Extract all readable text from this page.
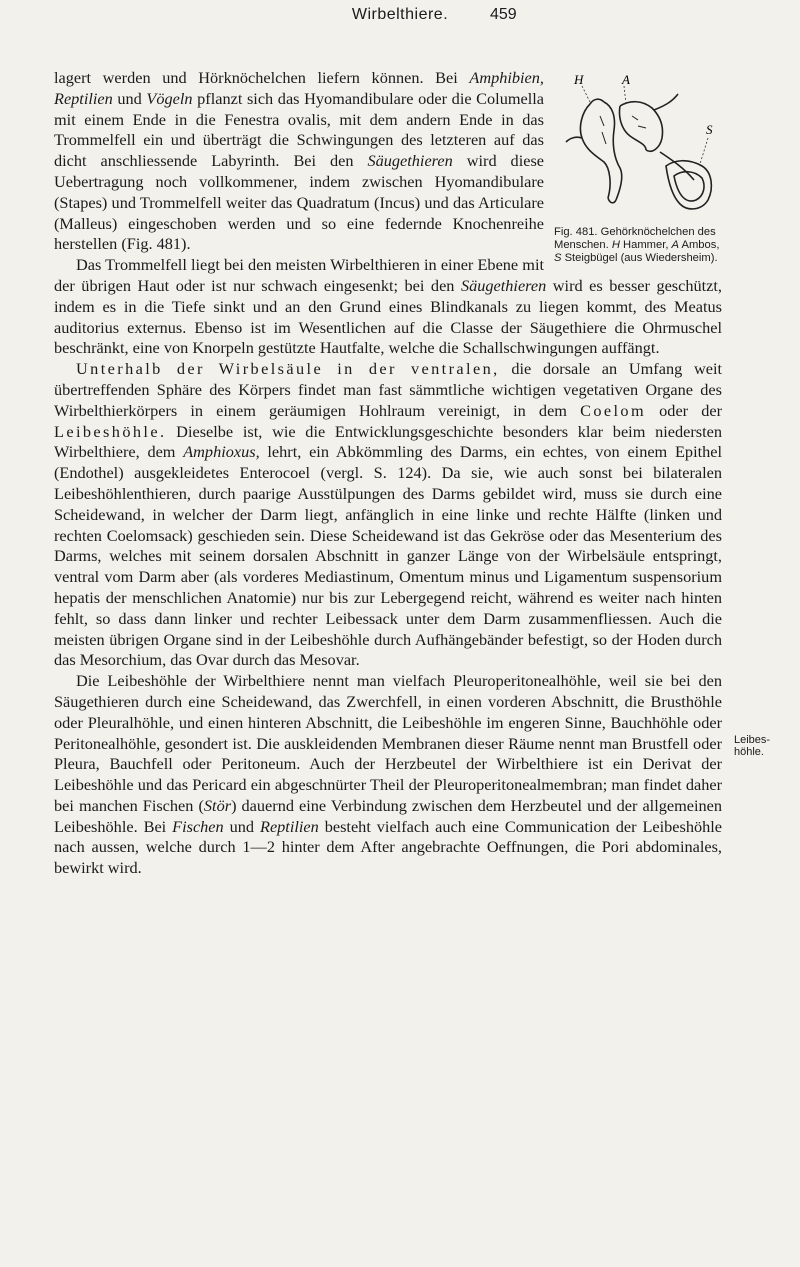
Wirbelthiere.	459
H	A
S
Fig. 481. Gehörknöchelchen des Menschen. H Hammer, A Ambos, S Steigbügel (aus Wiedersheim).

lagert werden und Hörknöchelchen liefern können. Bei Amphibien, Reptilien und Vögeln pflanzt sich das Hyomandibulare oder die Columella mit einem Ende in die Fenestra ovalis, mit dem andern Ende in das Trommelfell ein und überträgt die Schwingungen des letzteren auf das dicht anschliessende Labyrinth. Bei den Säugethieren wird diese Uebertragung noch vollkommener, indem zwischen Hyomandibulare (Stapes) und Trommelfell weiter das Quadratum (Incus) und das Articulare (Malleus) eingeschoben werden und so eine federnde Knochenreihe herstellen (Fig. 481).

Das Trommelfell liegt bei den meisten Wirbelthieren in einer Ebene mit der übrigen Haut oder ist nur schwach eingesenkt; bei den Säugethieren wird es besser geschützt, indem es in die Tiefe sinkt und an den Grund eines Blindkanals zu liegen kommt, des Meatus auditorius externus. Ebenso ist im Wesentlichen auf die Classe der Säugethiere die Ohrmuschel beschränkt, eine von Knorpeln gestützte Hautfalte, welche die Schallschwingungen auffängt.

Unterhalb der Wirbelsäule in der ventralen, die dorsale an Umfang weit übertreffenden Sphäre des Körpers findet man fast sämmtliche wichtigen vegetativen Organe des Wirbelthierkörpers in einem geräumigen Hohlraum vereinigt, in dem Coelom oder der Leibeshöhle. Dieselbe ist, wie die Entwicklungsgeschichte besonders klar beim niedersten Wirbelthiere, dem Amphioxus, lehrt, ein Abkömmling des Darms, ein echtes, von einem Epithel (Endothel) ausgekleidetes Enterocoel (vergl. S. 124). Da sie, wie auch sonst bei bilateralen Leibeshöhlenthieren, durch paarige Ausstülpungen des Darms gebildet wird, muss sie durch eine Scheidewand, in welcher der Darm liegt, anfänglich in eine linke und rechte Hälfte (linken und rechten Coelomsack) geschieden sein. Diese Scheidewand ist das Gekröse oder das Mesenterium des Darms, welches mit seinem dorsalen Abschnitt in ganzer Länge von der Wirbelsäule entspringt, ventral vom Darm aber (als vorderes Mediastinum, Omentum minus und Ligamentum suspensorium hepatis der menschlichen Anatomie) nur bis zur Lebergegend reicht, während es weiter nach hinten fehlt, so dass dann linker und rechter Leibessack unter dem Darm zusammenfliessen. Auch die meisten übrigen Organe sind in der Leibeshöhle durch Aufhängebänder befestigt, so der Hoden durch das Mesorchium, das Ovar durch das Mesovar.

Die Leibeshöhle der Wirbelthiere nennt man vielfach Pleuroperitonealhöhle, weil sie bei den Säugethieren durch eine Scheidewand, das Zwerchfell, in einen vorderen Abschnitt, die Brusthöhle oder Pleuralhöhle, und einen hinteren Abschnitt, die Leibeshöhle im engeren Sinne, Bauchhöhle oder Peritonealhöhle, gesondert ist. Die auskleidenden Membranen dieser Räume nennt man Brustfell oder Pleura, Bauchfell oder Peritoneum. Auch der Herzbeutel der Wirbelthiere ist ein Derivat der Leibeshöhle und das Pericard ein abgeschnürter Theil der Pleuroperitonealmembran; man findet daher bei manchen Fischen (Stör) dauernd eine Verbindung zwischen dem Herzbeutel und der allgemeinen Leibeshöhle. Bei Fischen und Reptilien besteht vielfach auch eine Communication der Leibeshöhle nach aussen, welche durch 1—2 hinter dem After angebrachte Oeffnungen, die Pori abdominales, bewirkt wird.

Leibes-höhle.
